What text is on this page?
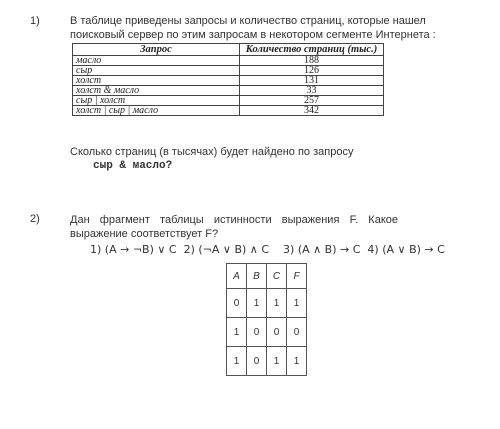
1)	В таблице приведены запросы и количество страниц, которые нашел поисковый сервер по этим запросам в некотором сегменте Интернета :
Запрос	Количество страниц (тыс.)
масло	188
сыр	126
холст	131
холст & масло	33
сыр | холст	257
холст | сыр | масло	342
Сколько страниц (в тысячах) будет найдено по запросу
сыр & масло?
2)	Дан фрагмент таблицы истинности выражения F. Какое выражение соответствует F?
1) (A → ¬B) ∨ C 2) (¬A ∨ B) ∧ C 3) (A ∧ B) → C 4) (A ∨ B) → C
A	B	C	F
0	1	1	1
1	0	0	0
1	0	1	1
